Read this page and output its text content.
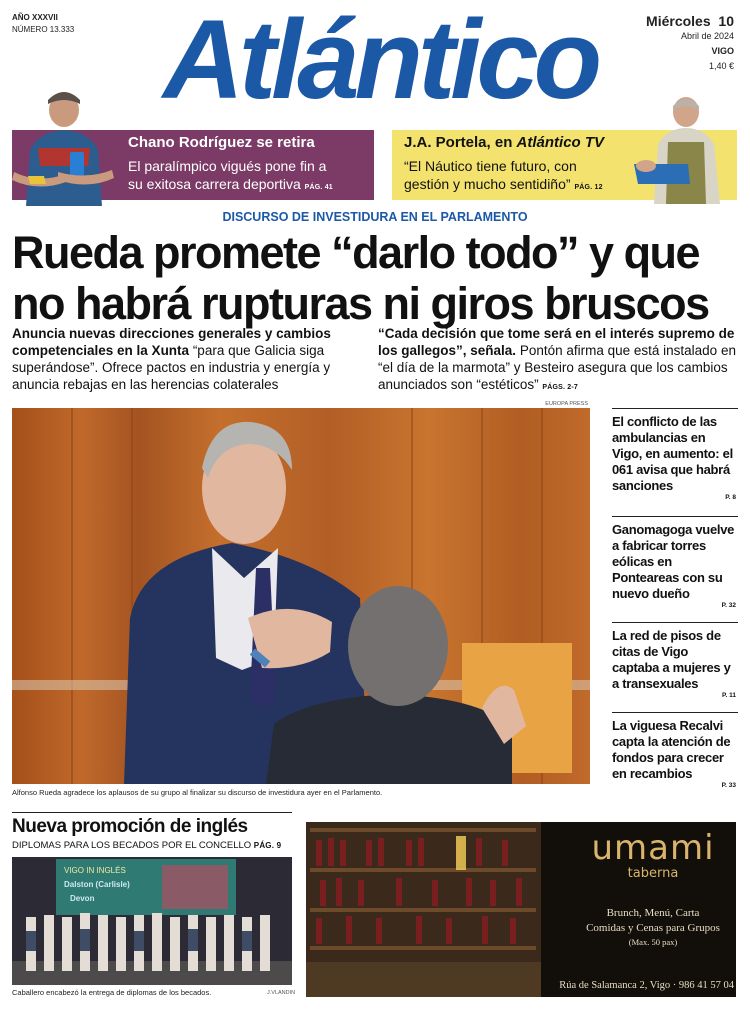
AÑO XXXVII
NÚMERO 13.333 Atlántico	Miércoles 10
Abril de 2024
VIGO
1,40 €
Chano Rodríguez se retira
El paralímpico vigués pone fin a
su exitosa carrera deportiva PÁG. 41
J.A. Portela, en Atlántico TV
“El Náutico tiene futuro, con
gestión y mucho sentidiño” PÁG. 12
DISCURSO DE INVESTIDURA EN EL PARLAMENTO
Rueda promete “darlo todo” y que
no habrá rupturas ni giros bruscos
Anuncia nuevas direcciones generales y cambios competenciales en la Xunta “para que Galicia siga superándose”. Ofrece pactos en industria y energía y anuncia rebajas en las herencias colaterales
“Cada decisión que tome será en el interés supremo de los gallegos”, señala. Pontón afirma que está instalado en “el día de la marmota” y Besteiro asegura que los cambios anunciados son “estéticos” PÁGS. 2-7
EUROPA PRESS
Alfonso Rueda agradece los aplausos de su grupo al finalizar su discurso de investidura ayer en el Parlamento.
El conflicto de las ambulancias en Vigo, en aumento: el 061 avisa que habrá sanciones
P. 8
Ganomagoga vuelve a fabricar torres eólicas en Ponteareas con su nuevo dueño
P. 32
La red de pisos de citas de Vigo captaba a mujeres y a transexuales
P. 11
La viguesa Recalvi capta la atención de fondos para crecer en recambios
P. 33
Nueva promoción de inglés
DIPLOMAS PARA LOS BECADOS POR EL CONCELLO PÁG. 9
VIGO IN INGLÉS
Dalston (Carlisle)
Devon
Caballero encabezó la entrega de diplomas de los becados.	J.VLANDIN
umami
taberna
Brunch, Menú, Carta
Comidas y Cenas para Grupos
(Max. 50 pax)
Rúa de Salamanca 2, Vigo · 986 41 57 04
